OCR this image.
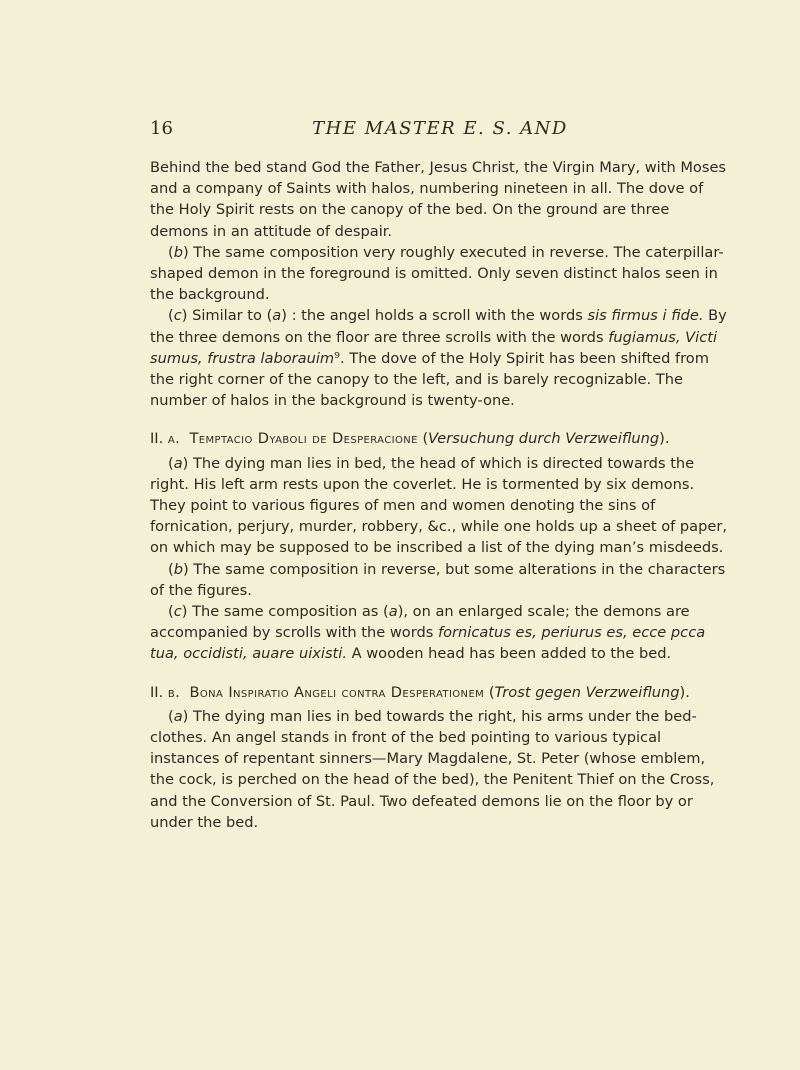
16	THE MASTER E. S. AND

Behind the bed stand God the Father, Jesus Christ, the Virgin Mary, with Moses and a company of Saints with halos, numbering nineteen in all. The dove of the Holy Spirit rests on the canopy of the bed. On the ground are three demons in an attitude of despair.

(b) The same composition very roughly executed in reverse. The caterpillar-shaped demon in the foreground is omitted. Only seven distinct halos seen in the background.

(c) Similar to (a) : the angel holds a scroll with the words sis firmus i fide. By the three demons on the floor are three scrolls with the words fugiamus, Victi sumus, frustra laborauim⁹. The dove of the Holy Spirit has been shifted from the right corner of the canopy to the left, and is barely recognizable. The number of halos in the background is twenty-one.

II. a. Temptacio Dyaboli de Desperacione (Versuchung durch Verzweiflung).

(a) The dying man lies in bed, the head of which is directed towards the right. His left arm rests upon the coverlet. He is tormented by six demons. They point to various figures of men and women denoting the sins of fornication, perjury, murder, robbery, &c., while one holds up a sheet of paper, on which may be supposed to be inscribed a list of the dying man’s misdeeds.

(b) The same composition in reverse, but some alterations in the characters of the figures.

(c) The same composition as (a), on an enlarged scale; the demons are accompanied by scrolls with the words fornicatus es, periurus es, ecce pcca tua, occidisti, auare uixisti. A wooden head has been added to the bed.

II. b. Bona Inspiratio Angeli contra Desperationem (Trost gegen Verzweiflung).

(a) The dying man lies in bed towards the right, his arms under the bed-clothes. An angel stands in front of the bed pointing to various typical instances of repentant sinners—Mary Magdalene, St. Peter (whose emblem, the cock, is perched on the head of the bed), the Penitent Thief on the Cross, and the Conversion of St. Paul. Two defeated demons lie on the floor by or under the bed.
